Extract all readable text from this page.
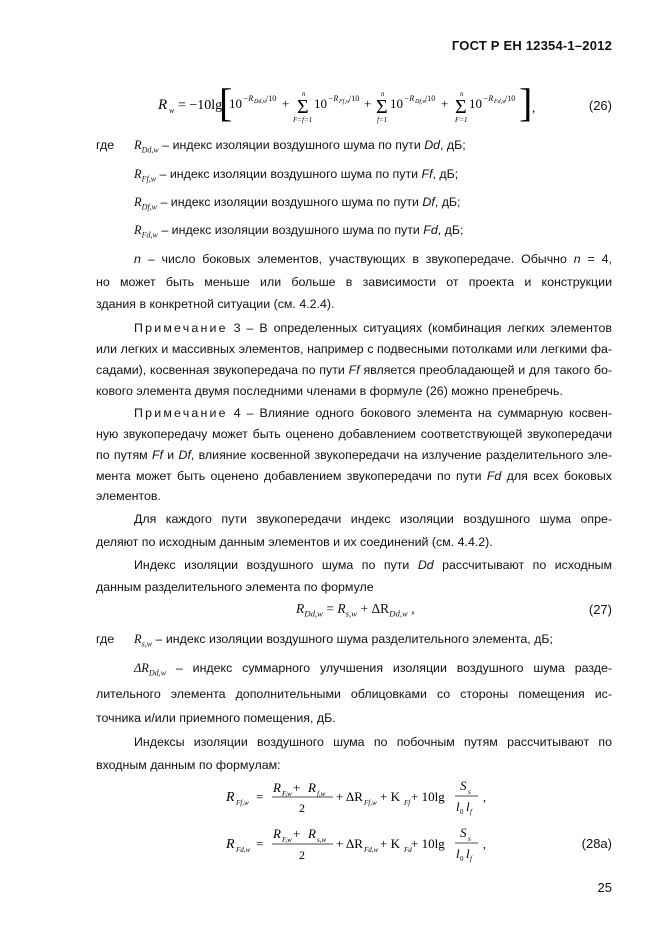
ГОСТ Р ЕН 12354-1–2012
R w = −10lg
[
10 −R Dd,w /10 +
n
Σ
F=f=1
10 −R Ff,w /10 +
n
Σ
f=1
10 −R Df,w
/10 +
n
Σ
F=1
10 −R Fd,w
/10 ] ,	(26)
где $R_{Dd,w}$ – индекс изоляции воздушного шума по пути Dd, дБ;
$R_{Ff,w}$ – индекс изоляции воздушного шума по пути Ff, дБ;
$R_{Df,w}$ – индекс изоляции воздушного шума по пути Df, дБ;
$R_{Fd,w}$ – индекс изоляции воздушного шума по пути Fd, дБ;
n – число боковых элементов, участвующих в звукопередаче. Обычно n = 4,
но может быть меньше или больше в зависимости от проекта и конструкции
здания в конкретной ситуации (см. 4.2.4).
Примечание 3 – В определенных ситуациях (комбинация легких элементов
или легких и массивных элементов, например с подвесными потолками или легкими фа-
садами), косвенная звукопередача по пути Ff является преобладающей и для такого бо-
кового элемента двумя последними членами в формуле (26) можно пренебречь.
Примечание 4 – Влияние одного бокового элемента на суммарную косвен-
ную звукопередачу может быть оценено добавлением соответствующей звукопередачи
по путям Ff и Df, влияние косвенной звукопередачи на излучение разделительного эле-
мента может быть оценено добавлением звукопередачи по пути Fd для всех боковых
элементов.
Для каждого пути звукопередачи индекс изоляции воздушного шума опре-
деляют по исходным данным элементов и их соединений (см. 4.4.2).
Индекс изоляции воздушного шума по пути Dd рассчитывают по исходным
данным разделительного элемента по формуле
$R_{Dd,w} = R_{s,w} + \Delta R_{Dd,w}$ ,	(27)
где $R_{s,w}$ – индекс изоляции воздушного шума разделительного элемента, дБ;
$\Delta R_{Dd,w}$ – индекс суммарного улучшения изоляции воздушного шума разде-
лительного элемента дополнительными облицовками со стороны помещения ис-
точника и/или приемного помещения, дБ.
Индексы изоляции воздушного шума по побочным путям рассчитывают по
входным данным по формулам:
R Ff,w =
R F,w + R f,w
2
+ ΔR Ff,w + K Ff + 10lg
S s
l 0 l f
,
R Fd,w =
R F,w + R s,w
2
+ ΔR Fd,w + K Fd + 10lg
S s
l 0 l f
,	(28a)
25
